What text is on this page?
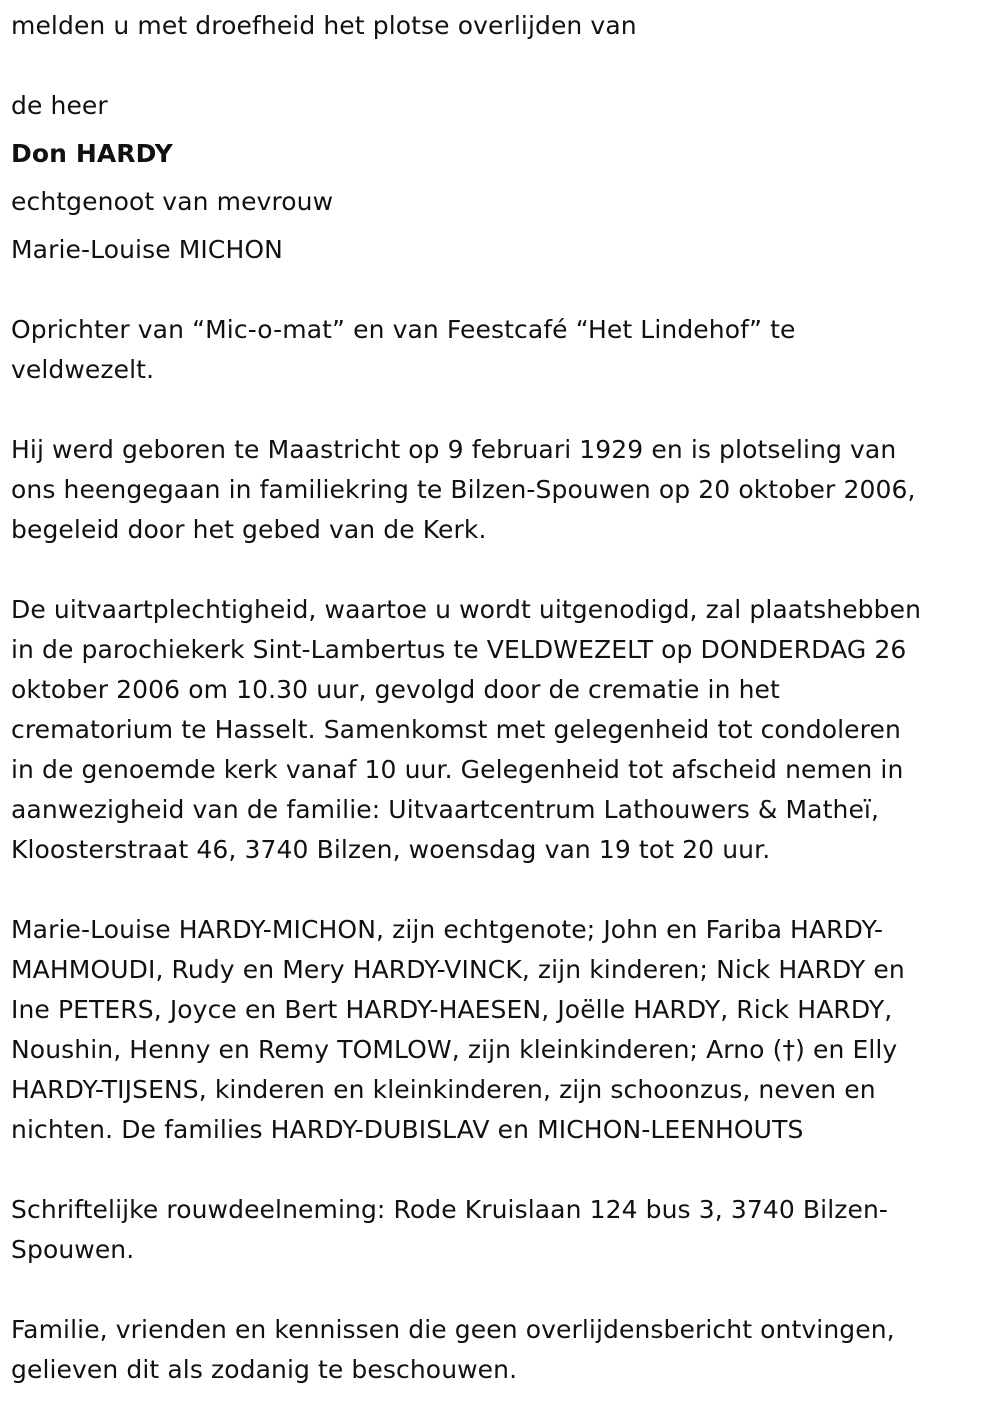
melden u met droefheid het plotse overlijden van
de heer
Don HARDY
echtgenoot van mevrouw
Marie-Louise MICHON
Oprichter van “Mic-o-mat” en van Feestcafé “Het Lindehof” te
veldwezelt.
Hij werd geboren te Maastricht op 9 februari 1929 en is plotseling van
ons heengegaan in familiekring te Bilzen-Spouwen op 20 oktober 2006,
begeleid door het gebed van de Kerk.
De uitvaartplechtigheid, waartoe u wordt uitgenodigd, zal plaatshebben
in de parochiekerk Sint-Lambertus te VELDWEZELT op DONDERDAG 26
oktober 2006 om 10.30 uur, gevolgd door de crematie in het
crematorium te Hasselt. Samenkomst met gelegenheid tot condoleren
in de genoemde kerk vanaf 10 uur. Gelegenheid tot afscheid nemen in
aanwezigheid van de familie: Uitvaartcentrum Lathouwers & Matheï,
Kloosterstraat 46, 3740 Bilzen, woensdag van 19 tot 20 uur.
Marie-Louise HARDY-MICHON, zijn echtgenote; John en Fariba HARDY-
MAHMOUDI, Rudy en Mery HARDY-VINCK, zijn kinderen; Nick HARDY en
Ine PETERS, Joyce en Bert HARDY-HAESEN, Joëlle HARDY, Rick HARDY,
Noushin, Henny en Remy TOMLOW, zijn kleinkinderen; Arno (†) en Elly
HARDY-TIJSENS, kinderen en kleinkinderen, zijn schoonzus, neven en
nichten. De families HARDY-DUBISLAV en MICHON-LEENHOUTS
Schriftelijke rouwdeelneming: Rode Kruislaan 124 bus 3, 3740 Bilzen-
Spouwen.
Familie, vrienden en kennissen die geen overlijdensbericht ontvingen,
gelieven dit als zodanig te beschouwen.
